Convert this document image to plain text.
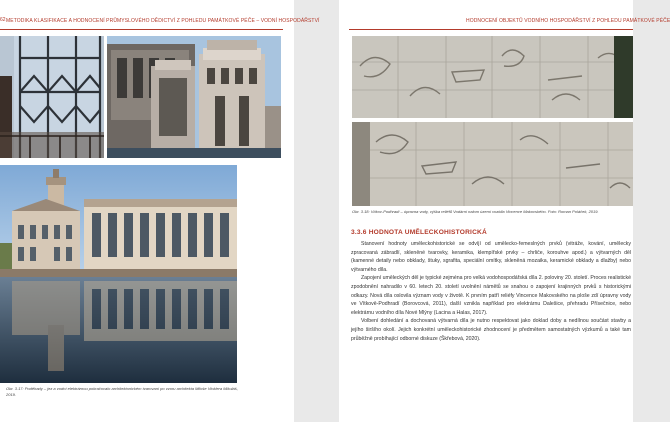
62 METODIKA KLASIFIKACE A HODNOCENÍ PRŮMYSLOVÉHO DĚDICTVÍ Z POHLEDU PAMÁTKOVÉ PÉČE – VODNÍ HOSPODÁŘSTVÍ
Obr. 3.17: Podělrady – jez a vodní elektrárnou pokračovalo architektonickém tvarovaní po vzoru architekta Miloše Vinklera Mikuláš, 2019.
HODNOCENÍ OBJEKTŮ VODNÍHO HOSPODÁŘSTVÍ Z POHLEDU PAMÁTKOVÉ PÉČE
Obr. 3.18: Vítkov-Podhradí – úpravna vody, výška reliéfů Vodární nalom území vozidla Vincence Makovského. Foto: Roman Poláček, 2019.
3.3.6 HODNOTA UMĚLECKOHISTORICKÁ

Stanovení hodnoty uměleckohistorické se odvíjí od umělecko-řemeslných prvků (vitráže, kování, umělecky zpracovaná zábradlí, skleněné tvarovky, keramika, klempířské prvky – chrliče, korouhve apod.) a výtvarných děl (kamenné detaily nebo obklady, štuky, sgrafita, speciální omítky, skleněná mozaika, keramické obklady a dlažby) nebo výtvarného díla.

Zapojení uměleckých děl je typické zejména pro velká vodohospodářská díla 2. poloviny 20. století. Proces realistické zpodobnění nahradilo v 60. letech 20. století uvolnění námětů se snahou o zapojení krajinných prvků s historickými odkazy. Nová díla oslovila význam vody v životě. K prvním patří reliéfy Vincence Makovského na ploše zdí úpravny vody ve Vítkově-Podhradí (Borovcová, 2011), další vznikla například pro elektrárnu Dalešice, přehradu Přísečnice, nebo elektrárnu vodního díla Nové Mlýny (Lacina a Halas, 2017).

Volbení dohledání a dochovaná výtvarná díla je nutno respektovat jako doklad doby a nedílnou součást stavby a jejího širšího okolí. Jejich konkrétní uměleckohistorické zhodnocení je předmětem samostatných výzkumů a také tam průběžně probíhající odborné diskuze (Škřebová, 2020).
